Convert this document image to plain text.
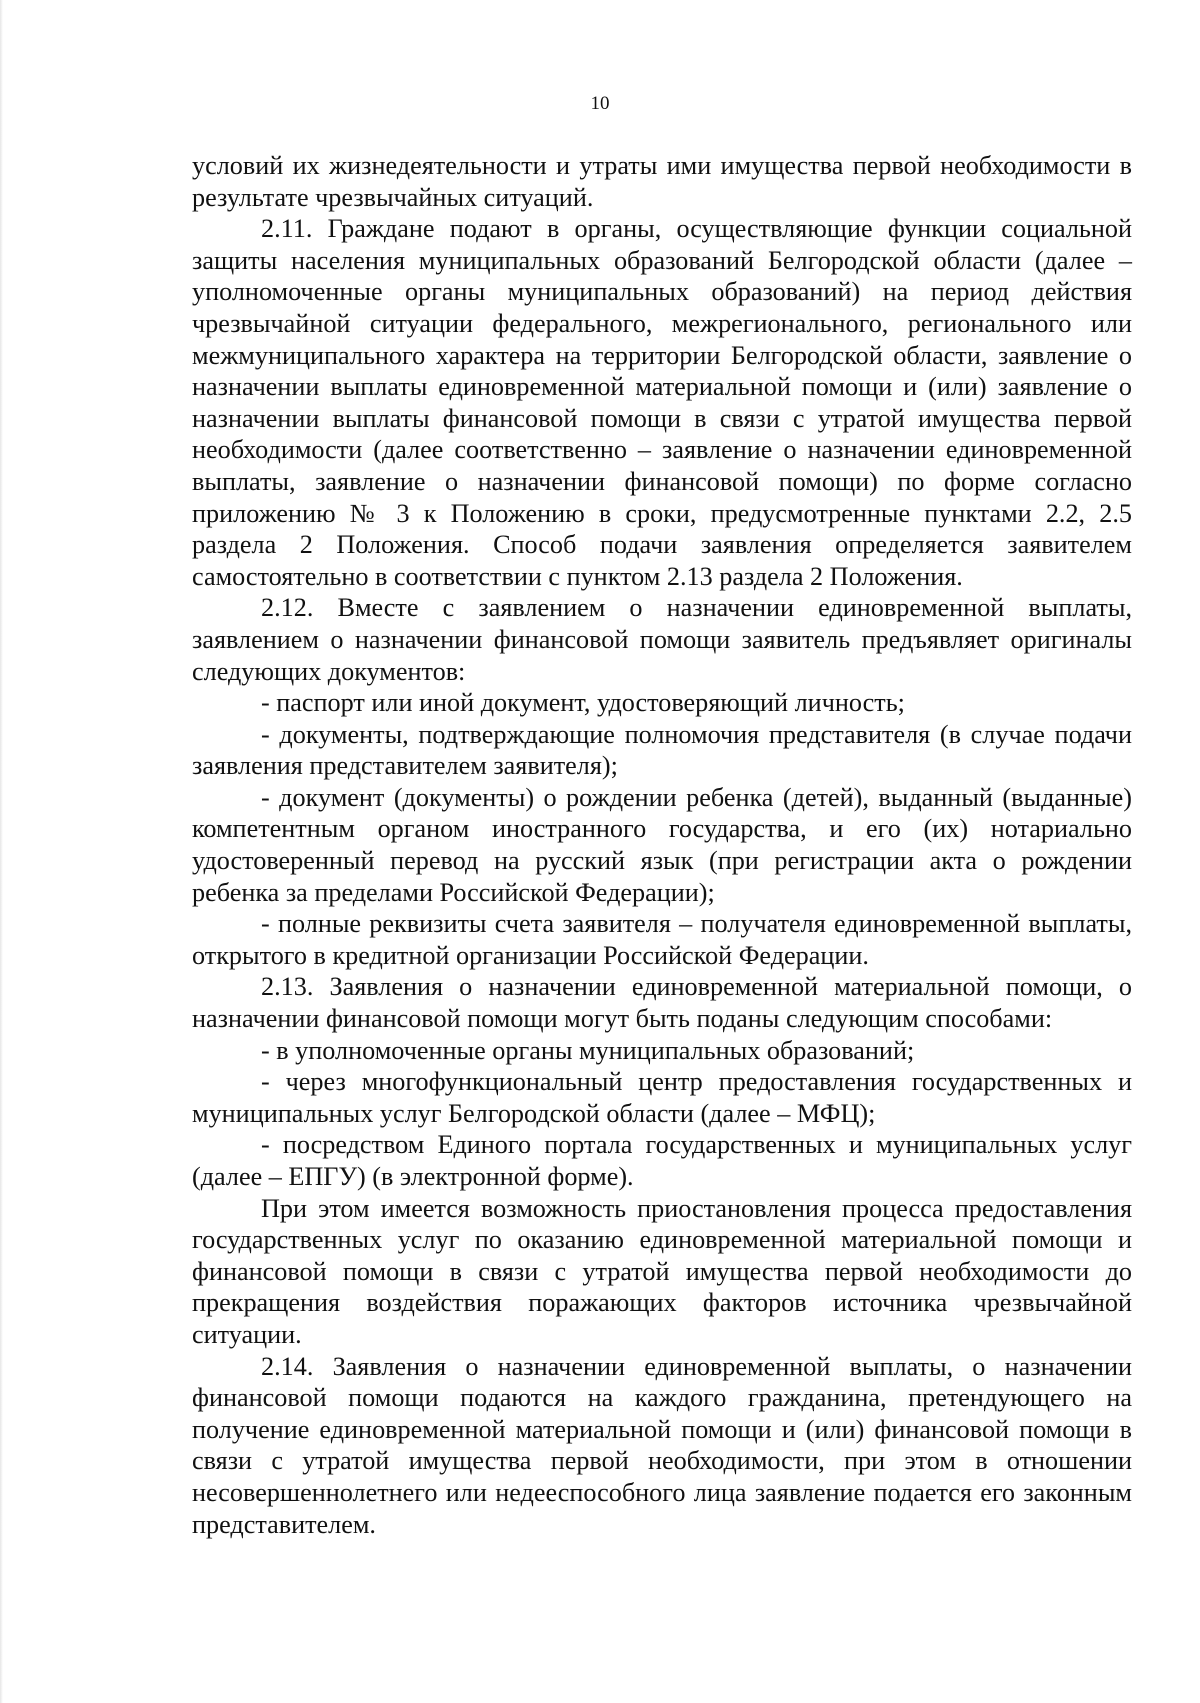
10

условий их жизнедеятельности и утраты ими имущества первой необходимости в результате чрезвычайных ситуаций.

2.11. Граждане подают в органы, осуществляющие функции социальной защиты населения муниципальных образований Белгородской области (далее – уполномоченные органы муниципальных образований) на период действия чрезвычайной ситуации федерального, межрегионального, регионального или межмуниципального характера на территории Белгородской области, заявление о назначении выплаты единовременной материальной помощи и (или) заявление о назначении выплаты финансовой помощи в связи с утратой имущества первой необходимости (далее соответственно – заявление о назначении единовременной выплаты, заявление о назначении финансовой помощи) по форме согласно приложению № 3 к Положению в сроки, предусмотренные пунктами 2.2, 2.5 раздела 2 Положения. Способ подачи заявления определяется заявителем самостоятельно в соответствии с пунктом 2.13 раздела 2 Положения.

2.12. Вместе с заявлением о назначении единовременной выплаты, заявлением о назначении финансовой помощи заявитель предъявляет оригиналы следующих документов:

- паспорт или иной документ, удостоверяющий личность;

- документы, подтверждающие полномочия представителя (в случае подачи заявления представителем заявителя);

- документ (документы) о рождении ребенка (детей), выданный (выданные) компетентным органом иностранного государства, и его (их) нотариально удостоверенный перевод на русский язык (при регистрации акта о рождении ребенка за пределами Российской Федерации);

- полные реквизиты счета заявителя – получателя единовременной выплаты, открытого в кредитной организации Российской Федерации.

2.13. Заявления о назначении единовременной материальной помощи, о назначении финансовой помощи могут быть поданы следующим способами:

- в уполномоченные органы муниципальных образований;

- через многофункциональный центр предоставления государственных и муниципальных услуг Белгородской области (далее – МФЦ);

- посредством Единого портала государственных и муниципальных услуг (далее – ЕПГУ) (в электронной форме).

При этом имеется возможность приостановления процесса предоставления государственных услуг по оказанию единовременной материальной помощи и финансовой помощи в связи с утратой имущества первой необходимости до прекращения воздействия поражающих факторов источника чрезвычайной ситуации.

2.14. Заявления о назначении единовременной выплаты, о назначении финансовой помощи подаются на каждого гражданина, претендующего на получение единовременной материальной помощи и (или) финансовой помощи в связи с утратой имущества первой необходимости, при этом в отношении несовершеннолетнего или недееспособного лица заявление подается его законным представителем.
